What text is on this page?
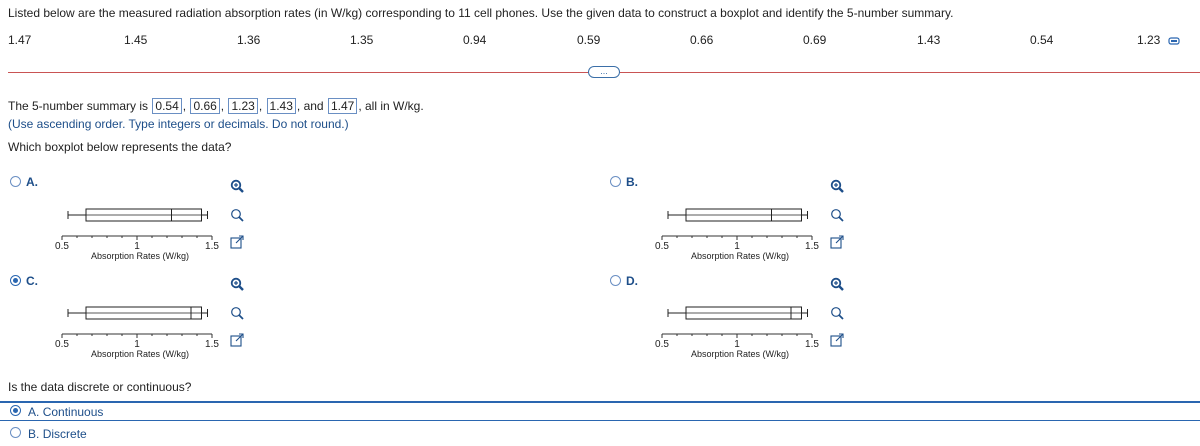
Listed below are the measured radiation absorption rates (in W/kg) corresponding to 11 cell phones. Use the given data to construct a boxplot and identify the 5-number summary.
1.47	1.45	1.36	1.35	0.94	0.59	0.66	0.69	1.43	0.54	1.23
...
The 5-number summary is 0.54 , 0.66 , 1.23 , 1.43 , and 1.47 , all in W/kg.
(Use ascending order. Type integers or decimals. Do not round.)
Which boxplot below represents the data?
A.	B.
C.	D.
0.5	1	1.5
Absorption Rates (W/kg)
0.5	1	1.5
Absorption Rates (W/kg)
0.5	1	1.5
Absorption Rates (W/kg)
0.5	1	1.5
Absorption Rates (W/kg)
Is the data discrete or continuous?
A. Continuous
B. Discrete
